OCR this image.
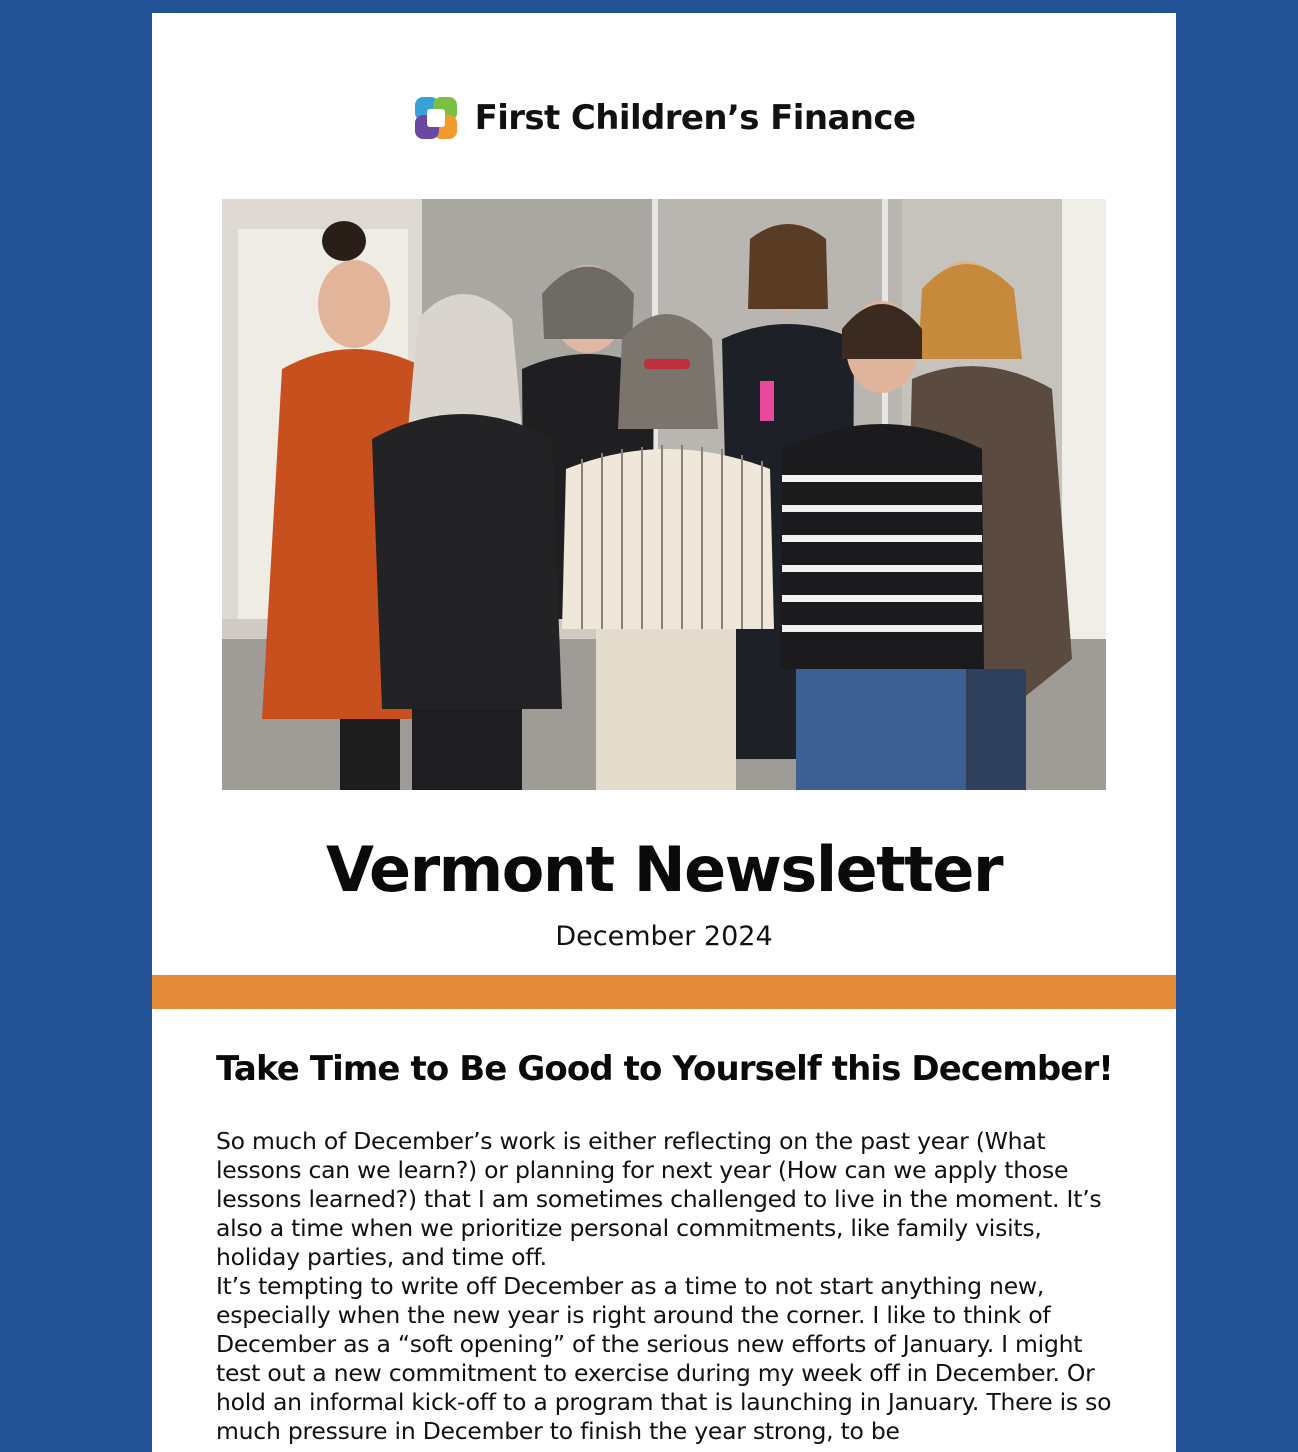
First Children’s Finance
Vermont Newsletter

December 2024

Take Time to Be Good to Yourself this December!

So much of December’s work is either reflecting on the past year (What lessons can we learn?) or planning for next year (How can we apply those lessons learned?) that I am sometimes challenged to live in the moment. It’s also a time when we prioritize personal commitments, like family visits, holiday parties, and time off.

It’s tempting to write off December as a time to not start anything new, especially when the new year is right around the corner. I like to think of December as a “soft opening” of the serious new efforts of January. I might test out a new commitment to exercise during my week off in December. Or hold an informal kick-off to a program that is launching in January. There is so much pressure in December to finish the year strong, to be
